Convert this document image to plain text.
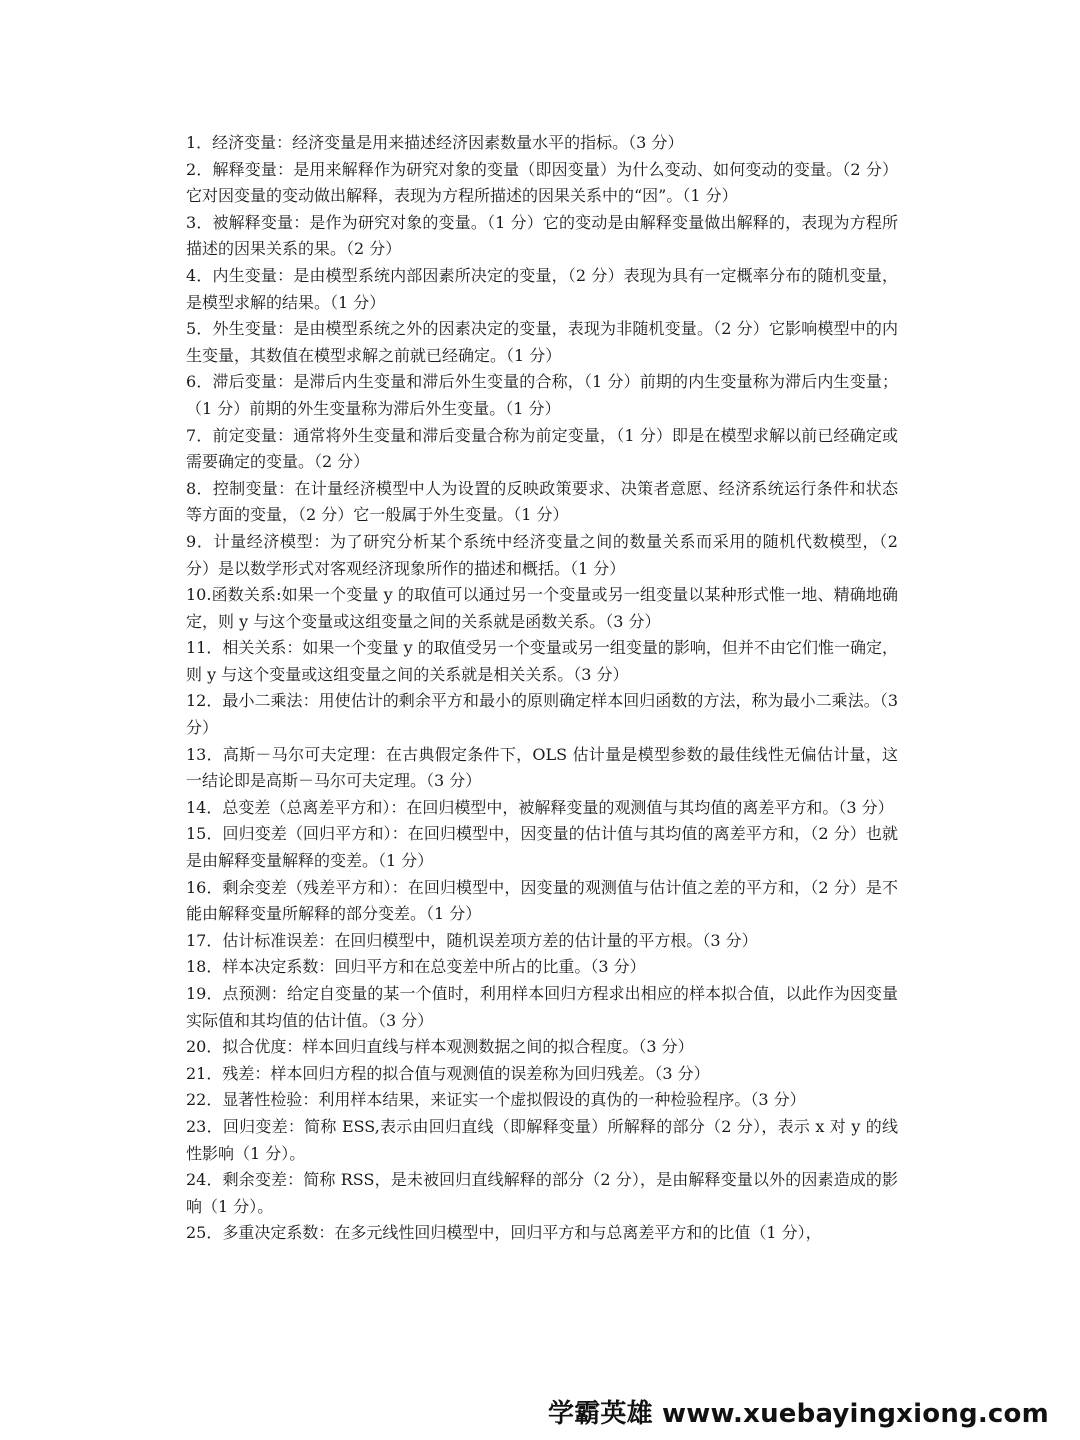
1．经济变量：经济变量是用来描述经济因素数量水平的指标。（3 分）

2．解释变量：是用来解释作为研究对象的变量（即因变量）为什么变动、如何变动的变量。（2 分）它对因变量的变动做出解释，表现为方程所描述的因果关系中的“因”。（1 分）

3．被解释变量：是作为研究对象的变量。（1 分）它的变动是由解释变量做出解释的，表现为方程所描述的因果关系的果。（2 分）

4．内生变量：是由模型系统内部因素所决定的变量，（2 分）表现为具有一定概率分布的随机变量，是模型求解的结果。（1 分）

5．外生变量：是由模型系统之外的因素决定的变量，表现为非随机变量。（2 分）它影响模型中的内生变量，其数值在模型求解之前就已经确定。（1 分）

6．滞后变量：是滞后内生变量和滞后外生变量的合称，（1 分）前期的内生变量称为滞后内生变量；（1 分）前期的外生变量称为滞后外生变量。（1 分）

7．前定变量：通常将外生变量和滞后变量合称为前定变量，（1 分）即是在模型求解以前已经确定或需要确定的变量。（2 分）

8．控制变量：在计量经济模型中人为设置的反映政策要求、决策者意愿、经济系统运行条件和状态等方面的变量，（2 分）它一般属于外生变量。（1 分）

9．计量经济模型：为了研究分析某个系统中经济变量之间的数量关系而采用的随机代数模型，（2 分）是以数学形式对客观经济现象所作的描述和概括。（1 分）

10.函数关系:如果一个变量 y 的取值可以通过另一个变量或另一组变量以某种形式惟一地、精确地确定，则 y 与这个变量或这组变量之间的关系就是函数关系。（3 分）

11．相关关系：如果一个变量 y 的取值受另一个变量或另一组变量的影响，但并不由它们惟一确定，则 y 与这个变量或这组变量之间的关系就是相关关系。（3 分）

12．最小二乘法：用使估计的剩余平方和最小的原则确定样本回归函数的方法，称为最小二乘法。（3 分）

13．高斯－马尔可夫定理：在古典假定条件下，OLS 估计量是模型参数的最佳线性无偏估计量，这一结论即是高斯－马尔可夫定理。（3 分）

14．总变差（总离差平方和）：在回归模型中，被解释变量的观测值与其均值的离差平方和。（3 分）

15．回归变差（回归平方和）：在回归模型中，因变量的估计值与其均值的离差平方和，（2 分）也就是由解释变量解释的变差。（1 分）

16．剩余变差（残差平方和）：在回归模型中，因变量的观测值与估计值之差的平方和，（2 分）是不能由解释变量所解释的部分变差。（1 分）

17．估计标准误差：在回归模型中，随机误差项方差的估计量的平方根。（3 分）

18．样本决定系数：回归平方和在总变差中所占的比重。（3 分）

19．点预测：给定自变量的某一个值时，利用样本回归方程求出相应的样本拟合值，以此作为因变量实际值和其均值的估计值。（3 分）

20．拟合优度：样本回归直线与样本观测数据之间的拟合程度。（3 分）

21．残差：样本回归方程的拟合值与观测值的误差称为回归残差。（3 分）

22．显著性检验：利用样本结果，来证实一个虚拟假设的真伪的一种检验程序。（3 分）

23．回归变差：简称 ESS,表示由回归直线（即解释变量）所解释的部分（2 分），表示 x 对 y 的线性影响（1 分）。

24．剩余变差：简称 RSS，是未被回归直线解释的部分（2 分），是由解释变量以外的因素造成的影响（1 分）。

25．多重决定系数：在多元线性回归模型中，回归平方和与总离差平方和的比值（1 分），

学霸英雄 www.xuebayingxiong.com
